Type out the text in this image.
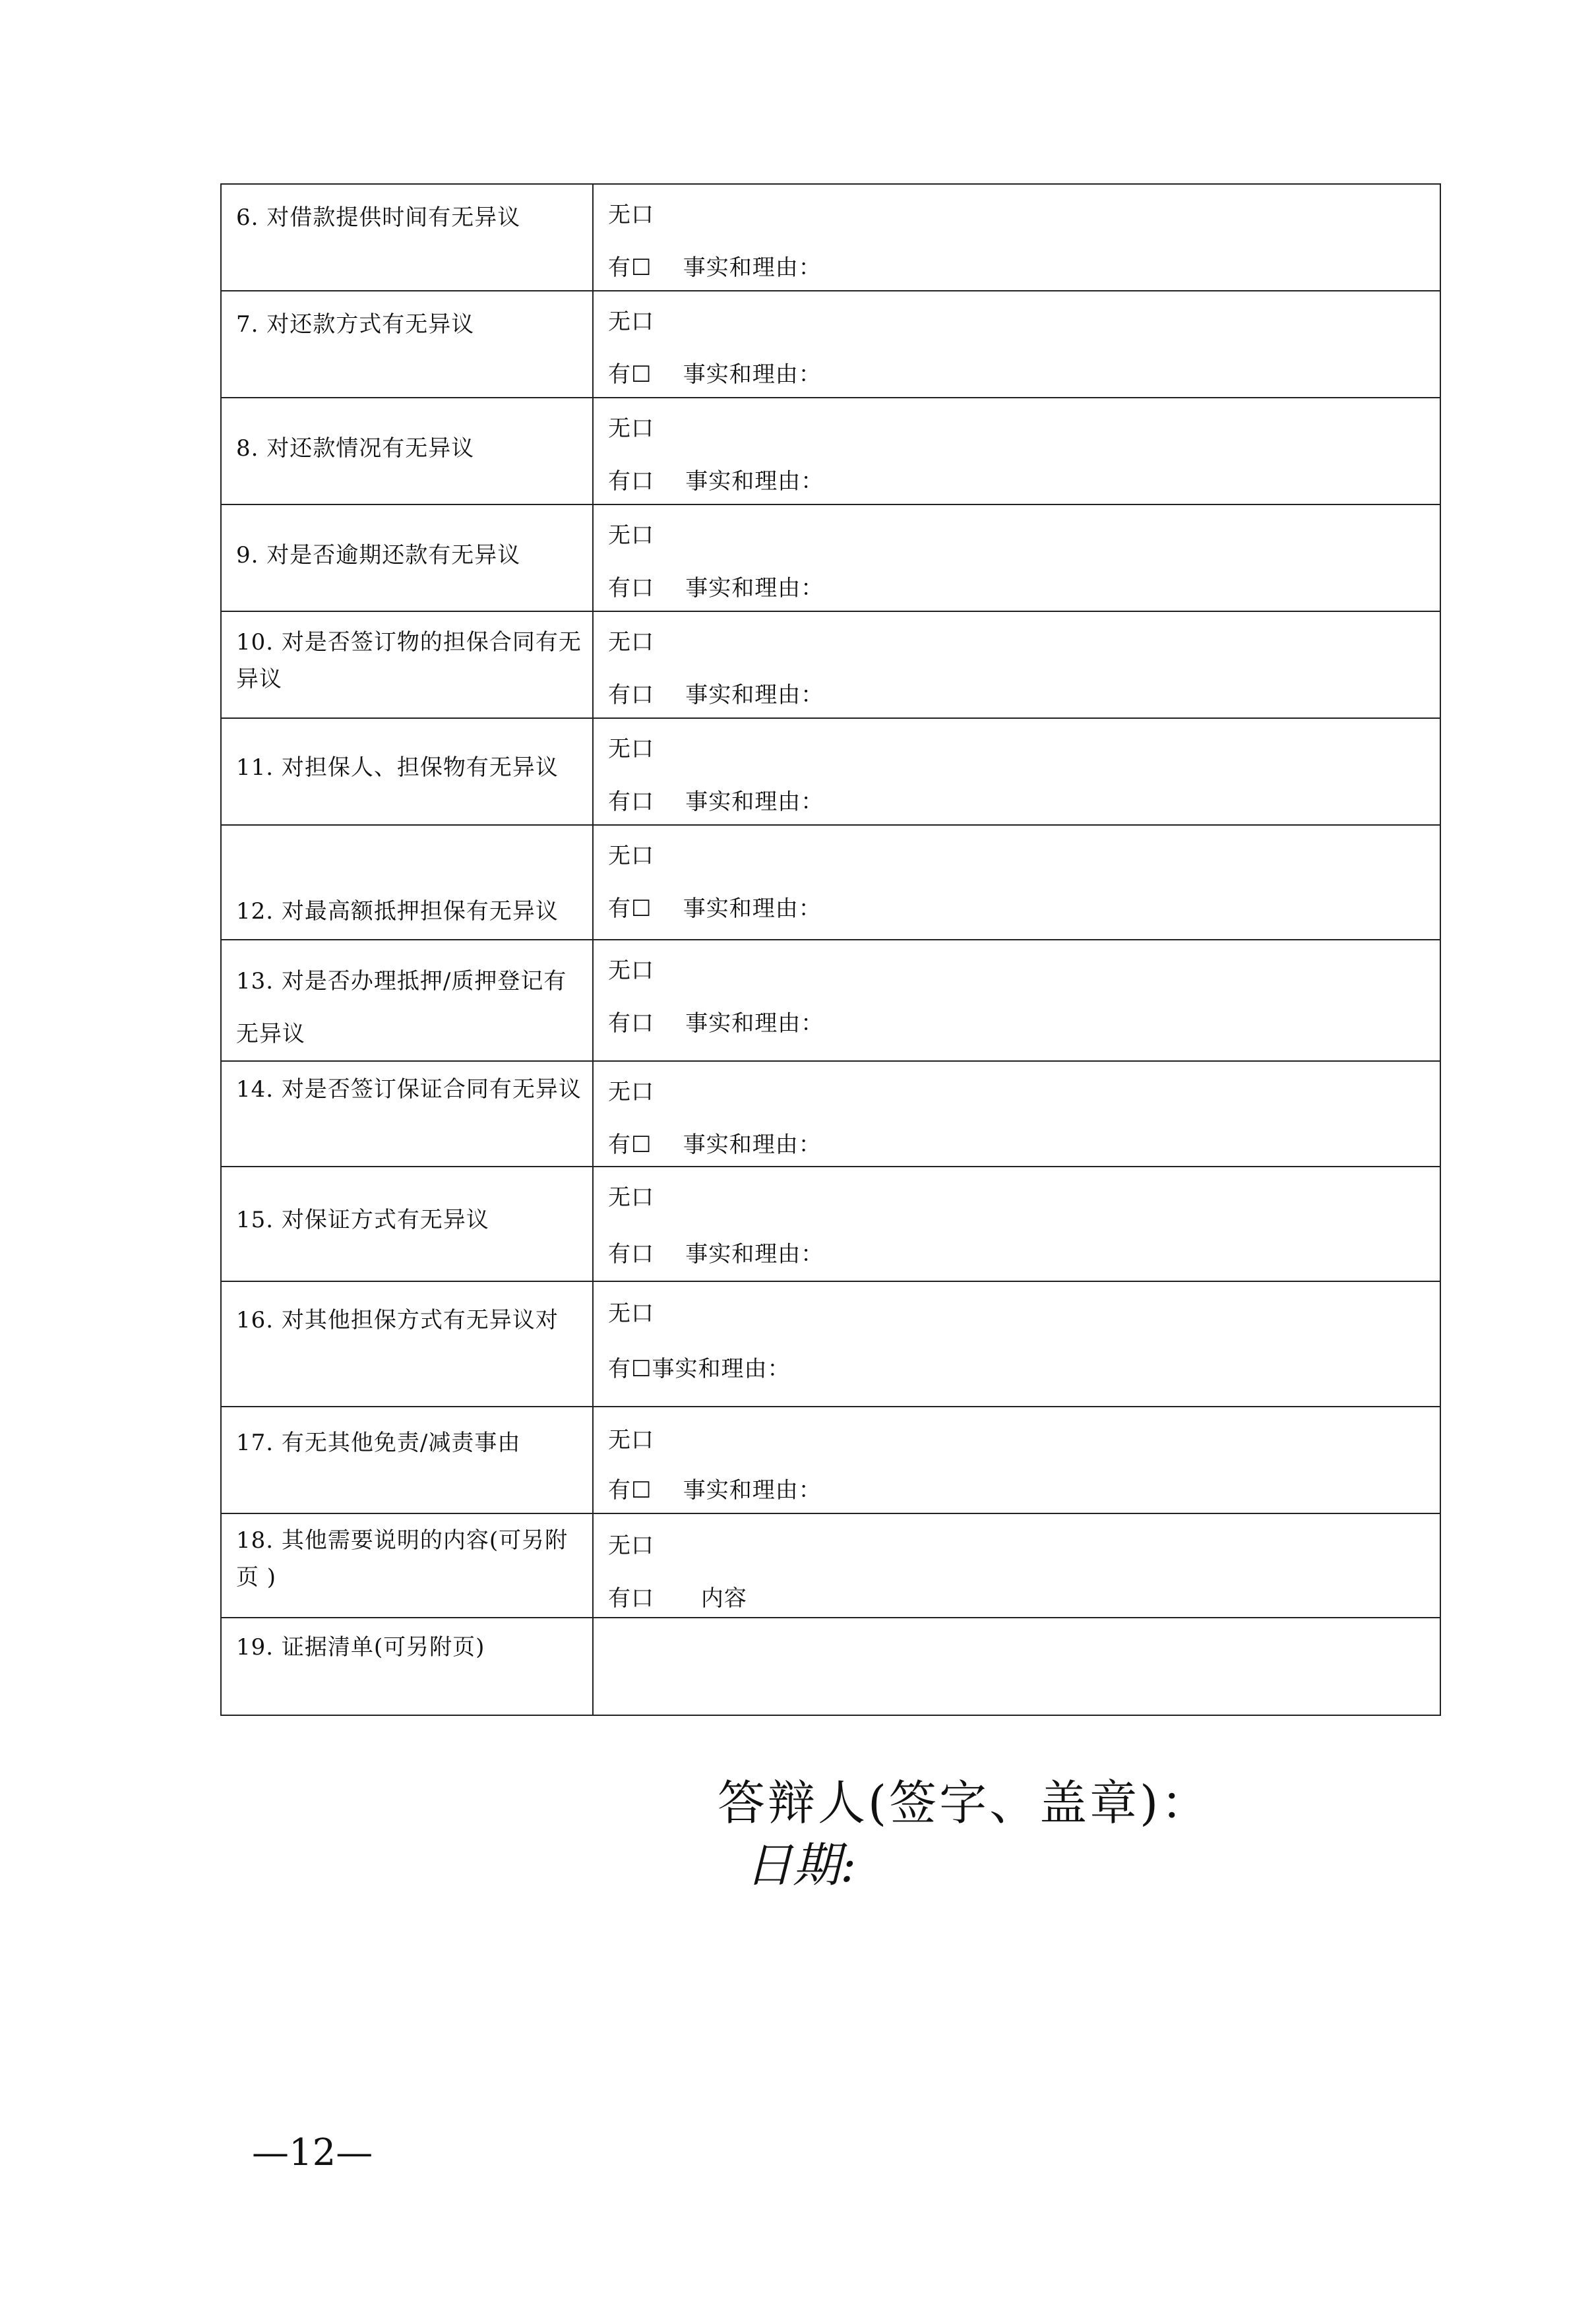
6. 对借款提供时间有无异议	无口
有☐ 事实和理由：

7. 对还款方式有无异议	无口
有☐ 事实和理由：

8. 对还款情况有无异议	无口
有口 事实和理由：

9. 对是否逾期还款有无异议	无口
有口 事实和理由：

10. 对是否签订物的担保合同有无异议	无口
有口 事实和理由：

11. 对担保人、担保物有无异议	无口
有口 事实和理由：

12. 对最高额抵押担保有无异议	无口
有☐ 事实和理由：

13. 对是否办理抵押/质押登记有无异议	无口
有口 事实和理由：

14. 对是否签订保证合同有无异议	无口
有☐ 事实和理由：

15. 对保证方式有无异议	无口
有口 事实和理由：

16. 对其他担保方式有无异议对	无口
有☐事实和理由：

17. 有无其他免责/减责事由	无口
有☐ 事实和理由：

18. 其他需要说明的内容(可另附页 )	无口
有口 内容

19. 证据清单(可另附页)	

答辩人(签字、盖章)：
日期:
—12—
